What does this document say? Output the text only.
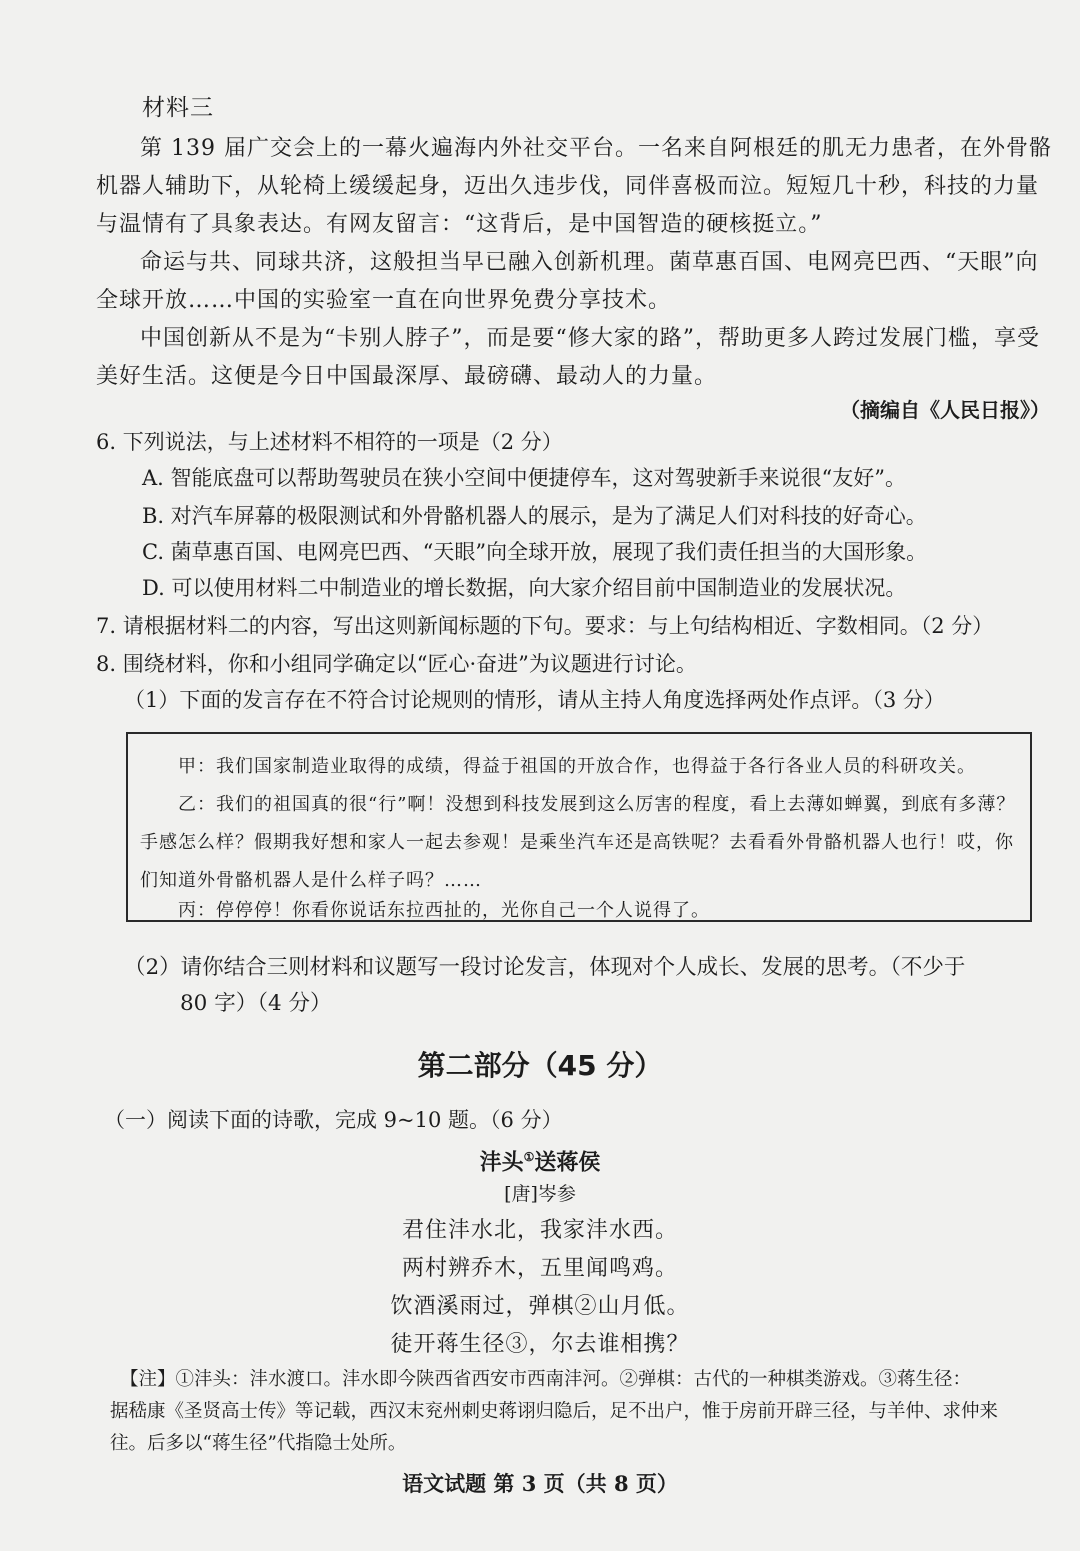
材料三

第 139 届广交会上的一幕火遍海内外社交平台。一名来自阿根廷的肌无力患者，在外骨骼机器人辅助下，从轮椅上缓缓起身，迈出久违步伐，同伴喜极而泣。短短几十秒，科技的力量与温情有了具象表达。有网友留言：“这背后，是中国智造的硬核挺立。”

命运与共、同球共济，这般担当早已融入创新机理。菌草惠百国、电网亮巴西、“天眼”向全球开放……中国的实验室一直在向世界免费分享技术。

中国创新从不是为“卡别人脖子”，而是要“修大家的路”，帮助更多人跨过发展门槛，享受美好生活。这便是今日中国最深厚、最磅礴、最动人的力量。

（摘编自《人民日报》）
6. 下列说法，与上述材料不相符的一项是（2 分）
A. 智能底盘可以帮助驾驶员在狭小空间中便捷停车，这对驾驶新手来说很“友好”。
B. 对汽车屏幕的极限测试和外骨骼机器人的展示，是为了满足人们对科技的好奇心。
C. 菌草惠百国、电网亮巴西、“天眼”向全球开放，展现了我们责任担当的大国形象。
D. 可以使用材料二中制造业的增长数据，向大家介绍目前中国制造业的发展状况。
7. 请根据材料二的内容，写出这则新闻标题的下句。要求：与上句结构相近、字数相同。（2 分）
8. 围绕材料，你和小组同学确定以“匠心·奋进”为议题进行讨论。
（1）下面的发言存在不符合讨论规则的情形，请从主持人角度选择两处作点评。（3 分）

甲：我们国家制造业取得的成绩，得益于祖国的开放合作，也得益于各行各业人员的科研攻关。

乙：我们的祖国真的很“行”啊！没想到科技发展到这么厉害的程度，看上去薄如蝉翼，到底有多薄？手感怎么样？假期我好想和家人一起去参观！是乘坐汽车还是高铁呢？去看看外骨骼机器人也行！哎，你们知道外骨骼机器人是什么样子吗？……

丙：停停停！你看你说话东拉西扯的，光你自己一个人说得了。

（2）请你结合三则材料和议题写一段讨论发言，体现对个人成长、发展的思考。（不少于
80 字）（4 分）
第二部分（45 分）
（一）阅读下面的诗歌，完成 9~10 题。（6 分）
沣头①送蒋侯
[唐]岑参
君住沣水北，我家沣水西。
两村辨乔木，五里闻鸣鸡。
饮酒溪雨过，弹棋②山月低。
徒开蒋生径③，尔去谁相携？
【注】①沣头：沣水渡口。沣水即今陕西省西安市西南沣河。②弹棋：古代的一种棋类游戏。③蒋生径：
据嵇康《圣贤高士传》等记载，西汉末兖州刺史蒋诩归隐后，足不出户，惟于房前开辟三径，与羊仲、求仲来
往。后多以“蒋生径”代指隐士处所。
语文试题 第 3 页（共 8 页）
